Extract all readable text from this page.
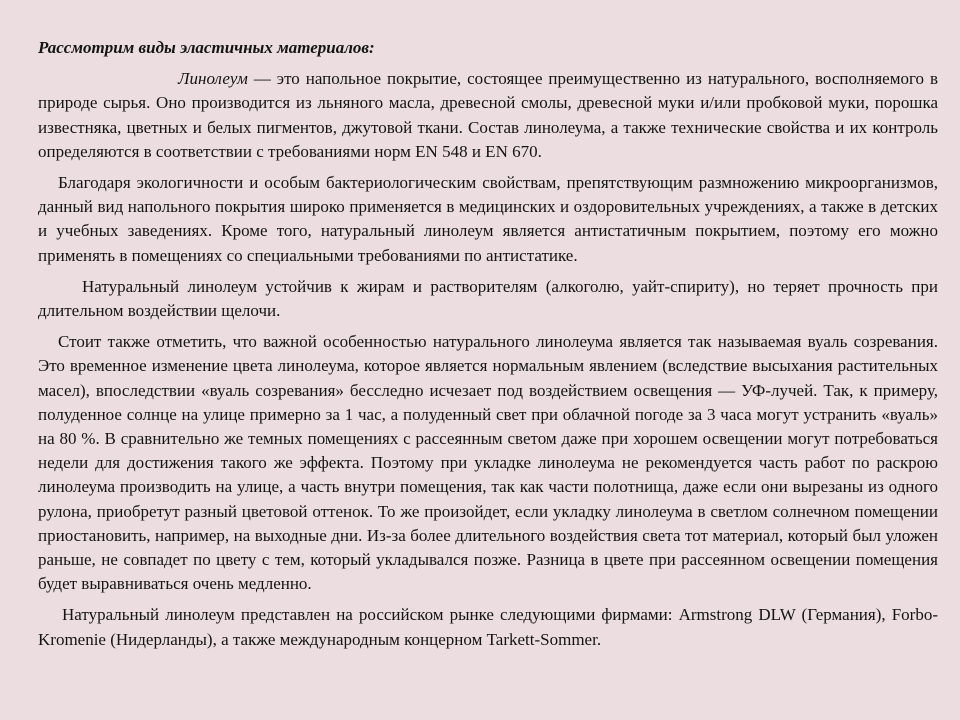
Рассмотрим виды эластичных материалов:
Линолеум — это напольное покрытие, состоящее преимущественно из натурального, восполняемого в природе сырья. Оно производится из льняного масла, древесной смолы, древесной муки и/или пробковой муки, порошка известняка, цветных и белых пигментов, джутовой ткани. Состав линолеума, а также технические свойства и их контроль определяются в соответствии с требованиями норм EN 548 и EN 670.
Благодаря экологичности и особым бактериологическим свойствам, препятствующим размножению микроорганизмов, данный вид напольного покрытия широко применяется в медицинских и оздоровительных учреждениях, а также в детских и учебных заведениях. Кроме того, натуральный линолеум является антистатичным покрытием, поэтому его можно применять в помещениях со специальными требованиями по антистатике.
Натуральный линолеум устойчив к жирам и растворителям (алкоголю, уайт-спириту), но теряет прочность при длительном воздействии щелочи.
Стоит также отметить, что важной особенностью натурального линолеума является так называемая вуаль созревания. Это временное изменение цвета линолеума, которое является нормальным явлением (вследствие высыхания растительных масел), впоследствии «вуаль созревания» бесследно исчезает под воздействием освещения — УФ-лучей. Так, к примеру, полуденное солнце на улице примерно за 1 час, а полуденный свет при облачной погоде за 3 часа могут устранить «вуаль» на 80 %. В сравнительно же темных помещениях с рассеянным светом даже при хорошем освещении могут потребоваться недели для достижения такого же эффекта. Поэтому при укладке линолеума не рекомендуется часть работ по раскрою линолеума производить на улице, а часть внутри помещения, так как части полотнища, даже если они вырезаны из одного рулона, приобретут разный цветовой оттенок. То же произойдет, если укладку линолеума в светлом солнечном помещении приостановить, например, на выходные дни. Из-за более длительного воздействия света тот материал, который был уложен раньше, не совпадет по цвету с тем, который укладывался позже. Разница в цвете при рассеянном освещении помещения будет выравниваться очень медленно.
Натуральный линолеум представлен на российском рынке следующими фирмами: Armstrong DLW (Германия), Forbo-Kromenie (Нидерланды), а также международным концерном Tarkett-Sommer.
